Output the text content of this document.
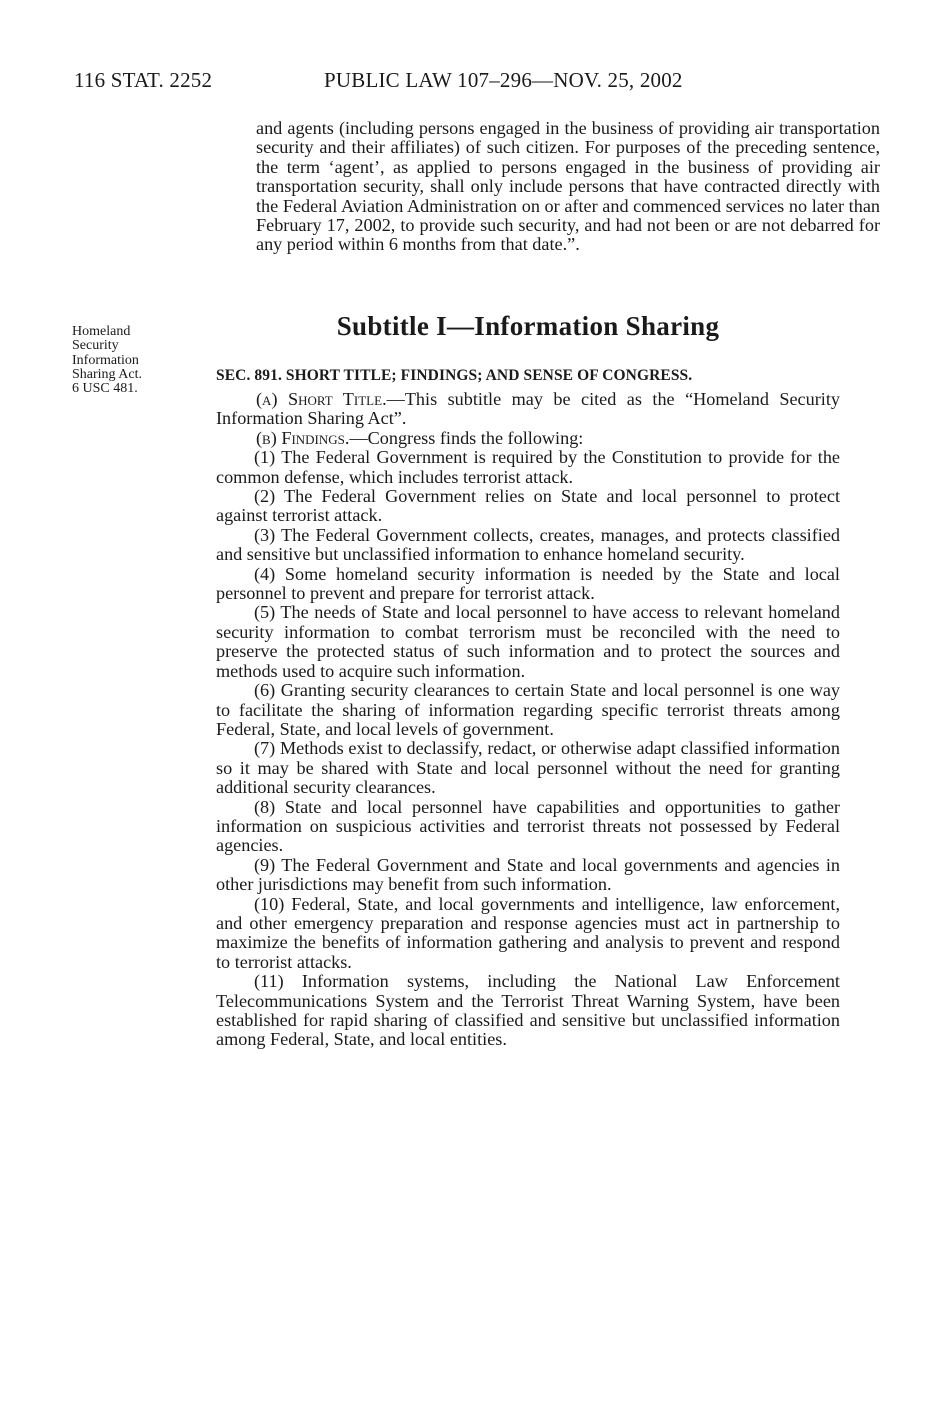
116 STAT. 2252	PUBLIC LAW 107–296—NOV. 25, 2002
and agents (including persons engaged in the business of providing air transportation security and their affiliates) of such citizen. For purposes of the preceding sentence, the term ‘agent’, as applied to persons engaged in the business of providing air transportation security, shall only include persons that have contracted directly with the Federal Aviation Administration on or after and commenced services no later than February 17, 2002, to provide such security, and had not been or are not debarred for any period within 6 months from that date.”.
Subtitle I—Information Sharing
Homeland
Security
Information
Sharing Act.
6 USC 481.
SEC. 891. SHORT TITLE; FINDINGS; AND SENSE OF CONGRESS.

(a) Short Title.—This subtitle may be cited as the “Homeland Security Information Sharing Act”.

(b) Findings.—Congress finds the following:

(1) The Federal Government is required by the Constitution to provide for the common defense, which includes terrorist attack.

(2) The Federal Government relies on State and local personnel to protect against terrorist attack.

(3) The Federal Government collects, creates, manages, and protects classified and sensitive but unclassified information to enhance homeland security.

(4) Some homeland security information is needed by the State and local personnel to prevent and prepare for terrorist attack.

(5) The needs of State and local personnel to have access to relevant homeland security information to combat terrorism must be reconciled with the need to preserve the protected status of such information and to protect the sources and methods used to acquire such information.

(6) Granting security clearances to certain State and local personnel is one way to facilitate the sharing of information regarding specific terrorist threats among Federal, State, and local levels of government.

(7) Methods exist to declassify, redact, or otherwise adapt classified information so it may be shared with State and local personnel without the need for granting additional security clearances.

(8) State and local personnel have capabilities and opportunities to gather information on suspicious activities and terrorist threats not possessed by Federal agencies.

(9) The Federal Government and State and local governments and agencies in other jurisdictions may benefit from such information.

(10) Federal, State, and local governments and intelligence, law enforcement, and other emergency preparation and response agencies must act in partnership to maximize the benefits of information gathering and analysis to prevent and respond to terrorist attacks.

(11) Information systems, including the National Law Enforcement Telecommunications System and the Terrorist Threat Warning System, have been established for rapid sharing of classified and sensitive but unclassified information among Federal, State, and local entities.
